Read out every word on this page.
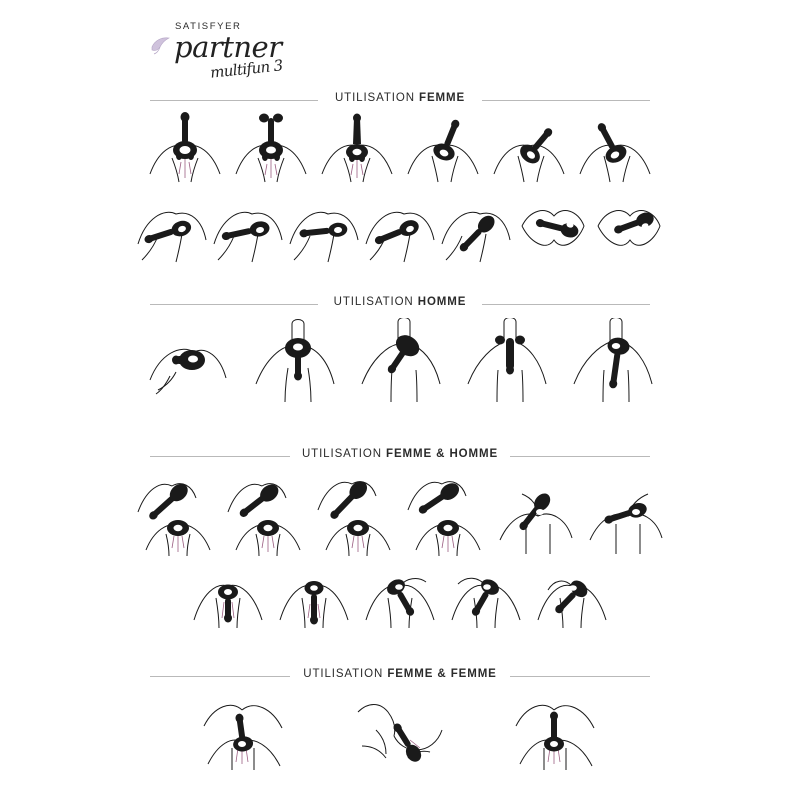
SATISFYER
partner
multifun 3
UTILISATION FEMME
UTILISATION HOMME
UTILISATION FEMME & HOMME
UTILISATION FEMME & FEMME
